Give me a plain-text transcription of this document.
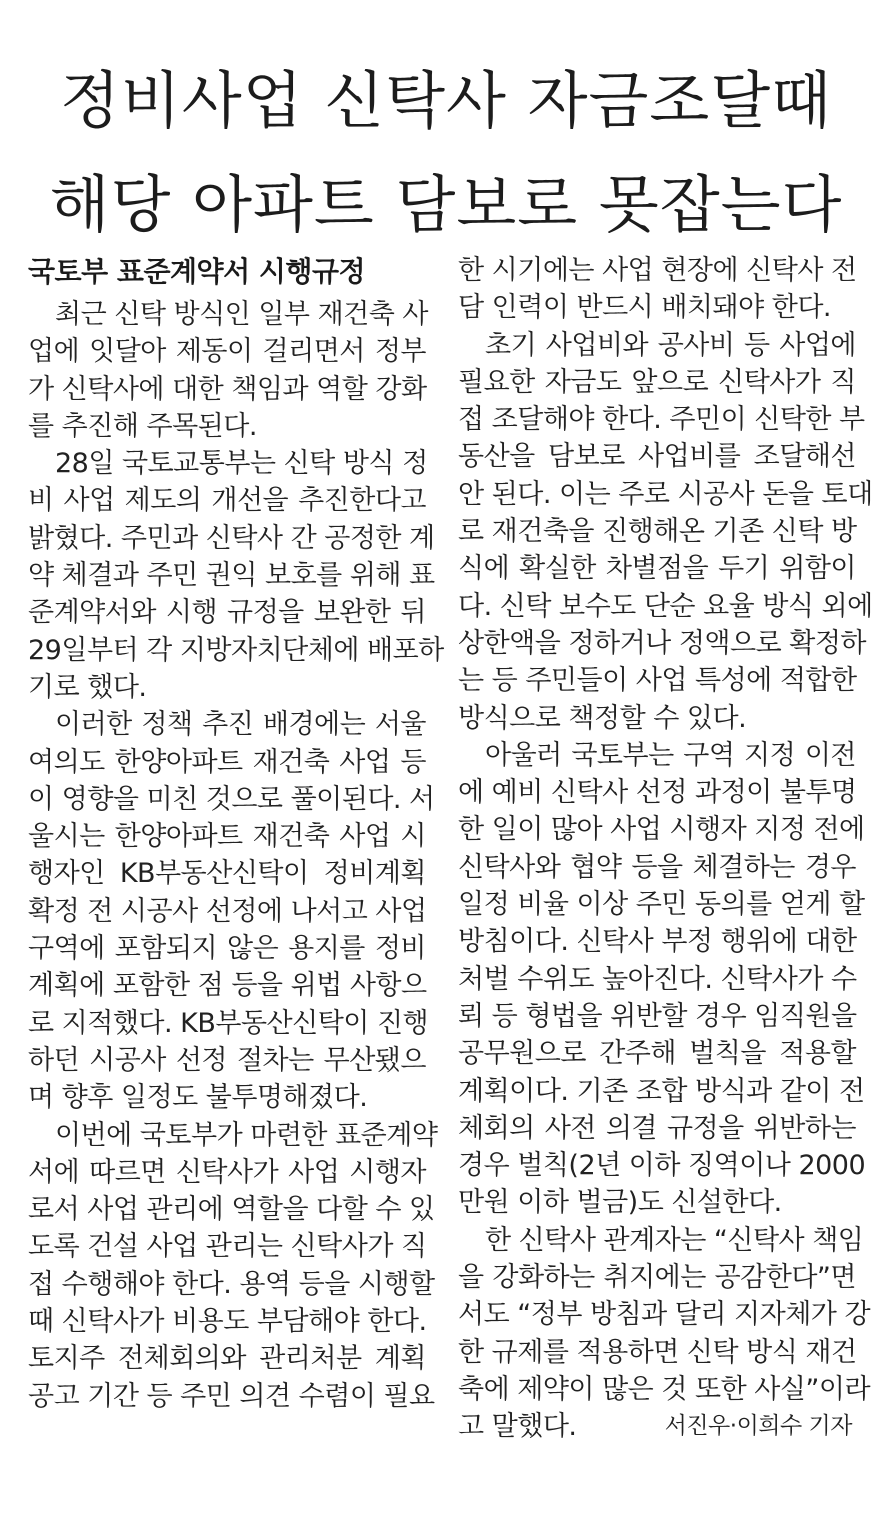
정비사업 신탁사 자금조달때
해당 아파트 담보로 못잡는다
국토부 표준계약서 시행규정
최근 신탁 방식인 일부 재건축 사
업에 잇달아 제동이 걸리면서 정부
가 신탁사에 대한 책임과 역할 강화
를 추진해 주목된다.
28일 국토교통부는 신탁 방식 정
비 사업 제도의 개선을 추진한다고
밝혔다. 주민과 신탁사 간 공정한 계
약 체결과 주민 권익 보호를 위해 표
준계약서와 시행 규정을 보완한 뒤
29일부터 각 지방자치단체에 배포하
기로 했다.
이러한 정책 추진 배경에는 서울
여의도 한양아파트 재건축 사업 등
이 영향을 미친 것으로 풀이된다. 서
울시는 한양아파트 재건축 사업 시
행자인 KB부동산신탁이 정비계획
확정 전 시공사 선정에 나서고 사업
구역에 포함되지 않은 용지를 정비
계획에 포함한 점 등을 위법 사항으
로 지적했다. KB부동산신탁이 진행
하던 시공사 선정 절차는 무산됐으
며 향후 일정도 불투명해졌다.
이번에 국토부가 마련한 표준계약
서에 따르면 신탁사가 사업 시행자
로서 사업 관리에 역할을 다할 수 있
도록 건설 사업 관리는 신탁사가 직
접 수행해야 한다. 용역 등을 시행할
때 신탁사가 비용도 부담해야 한다.
토지주 전체회의와 관리처분 계획
공고 기간 등 주민 의견 수렴이 필요
한 시기에는 사업 현장에 신탁사 전
담 인력이 반드시 배치돼야 한다.
초기 사업비와 공사비 등 사업에
필요한 자금도 앞으로 신탁사가 직
접 조달해야 한다. 주민이 신탁한 부
동산을 담보로 사업비를 조달해선
안 된다. 이는 주로 시공사 돈을 토대
로 재건축을 진행해온 기존 신탁 방
식에 확실한 차별점을 두기 위함이
다. 신탁 보수도 단순 요율 방식 외에
상한액을 정하거나 정액으로 확정하
는 등 주민들이 사업 특성에 적합한
방식으로 책정할 수 있다.
아울러 국토부는 구역 지정 이전
에 예비 신탁사 선정 과정이 불투명
한 일이 많아 사업 시행자 지정 전에
신탁사와 협약 등을 체결하는 경우
일정 비율 이상 주민 동의를 얻게 할
방침이다. 신탁사 부정 행위에 대한
처벌 수위도 높아진다. 신탁사가 수
뢰 등 형법을 위반할 경우 임직원을
공무원으로 간주해 벌칙을 적용할
계획이다. 기존 조합 방식과 같이 전
체회의 사전 의결 규정을 위반하는
경우 벌칙(2년 이하 징역이나 2000
만원 이하 벌금)도 신설한다.
한 신탁사 관계자는 “신탁사 책임
을 강화하는 취지에는 공감한다”면
서도 “정부 방침과 달리 지자체가 강
한 규제를 적용하면 신탁 방식 재건
축에 제약이 많은 것 또한 사실”이라
고 말했다.	서진우·이희수 기자
